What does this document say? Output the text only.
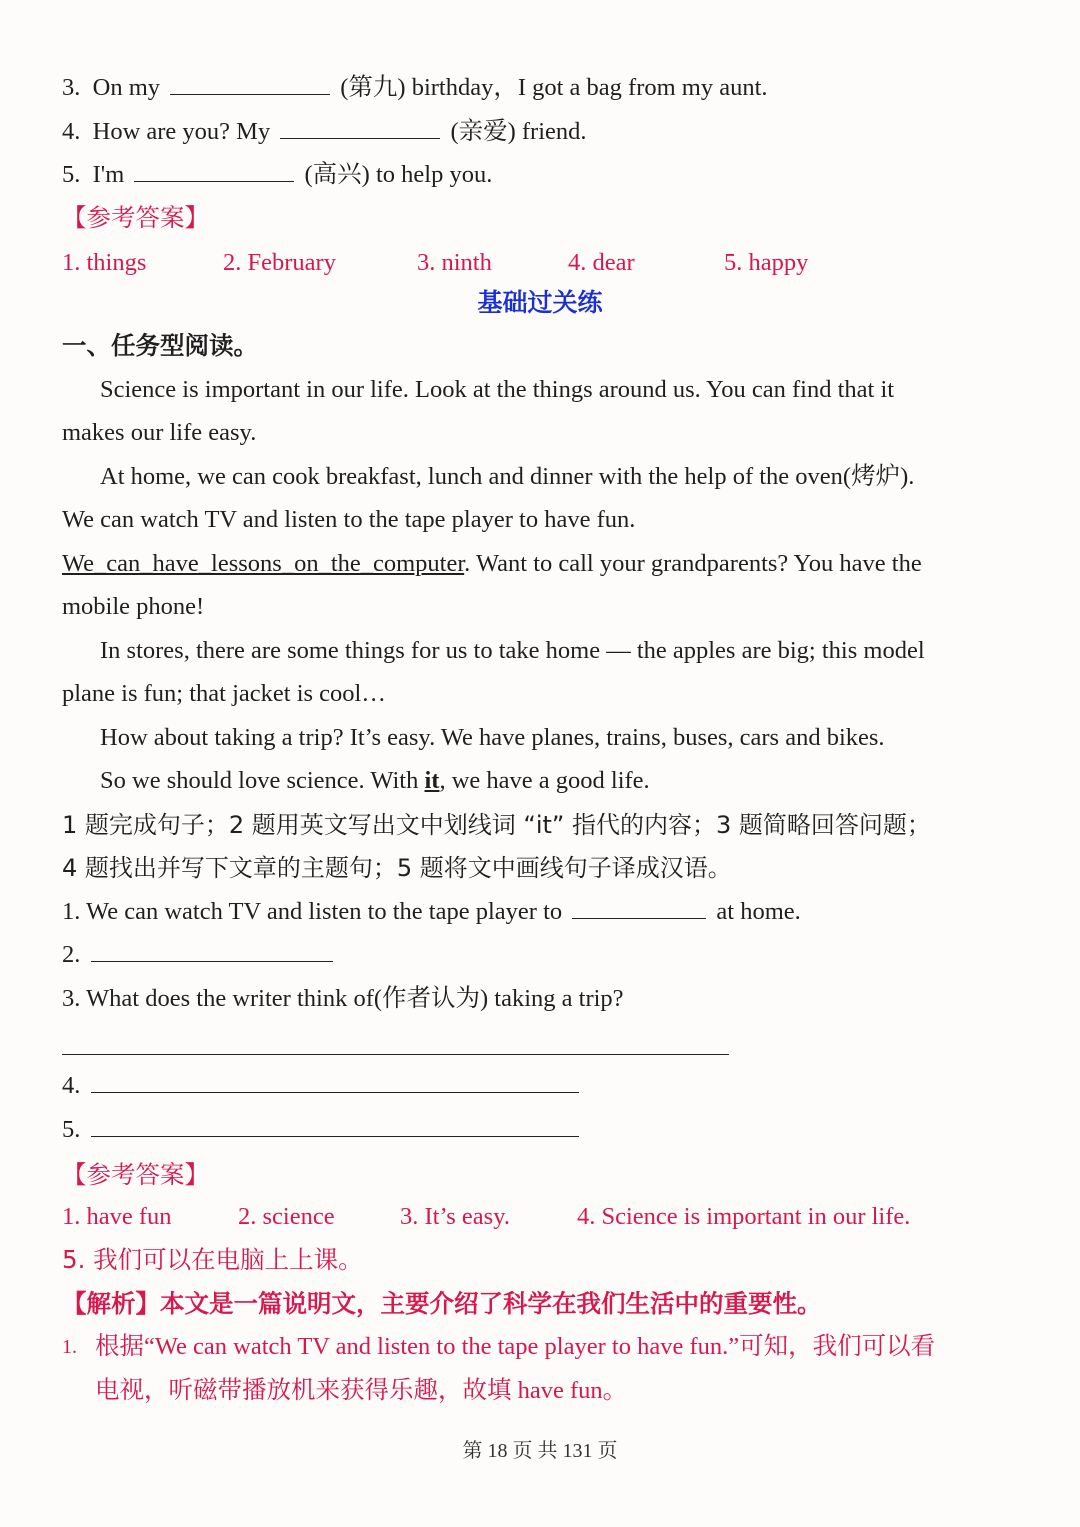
3. On my	(第九) birthday，I got a bag from my aunt.
4. How are you? My	(亲爱) friend.
5. I'm	(高兴) to help you.
【参考答案】
1. things	2. February	3. ninth	4. dear	5. happy
基础过关练
一、任务型阅读。
Science is important in our life. Look at the things around us. You can find that it
makes our life easy.
At home, we can cook breakfast, lunch and dinner with the help of the oven(烤炉).
We can watch TV and listen to the tape player to have fun.
We_can_have_lessons_on_the_computer. Want to call your grandparents? You have the
mobile phone!
In stores, there are some things for us to take home — the apples are big; this model
plane is fun; that jacket is cool…
How about taking a trip? It’s easy. We have planes, trains, buses, cars and bikes.
So we should love science. With it, we have a good life.
1 题完成句子；2 题用英文写出文中划线词 “it” 指代的内容；3 题简略回答问题；
4 题找出并写下文章的主题句；5 题将文中画线句子译成汉语。
1. We can watch TV and listen to the tape player to	at home.
2.
3. What does the writer think of(作者认为) taking a trip?
4.
5.
【参考答案】
1. have fun	2. science	3. It’s easy.	4. Science is important in our life.
5. 我们可以在电脑上上课。
【解析】本文是一篇说明文，主要介绍了科学在我们生活中的重要性。
1. 根据“We can watch TV and listen to the tape player to have fun.”可知，我们可以看
电视，听磁带播放机来获得乐趣，故填 have fun。
第 18 页 共 131 页
